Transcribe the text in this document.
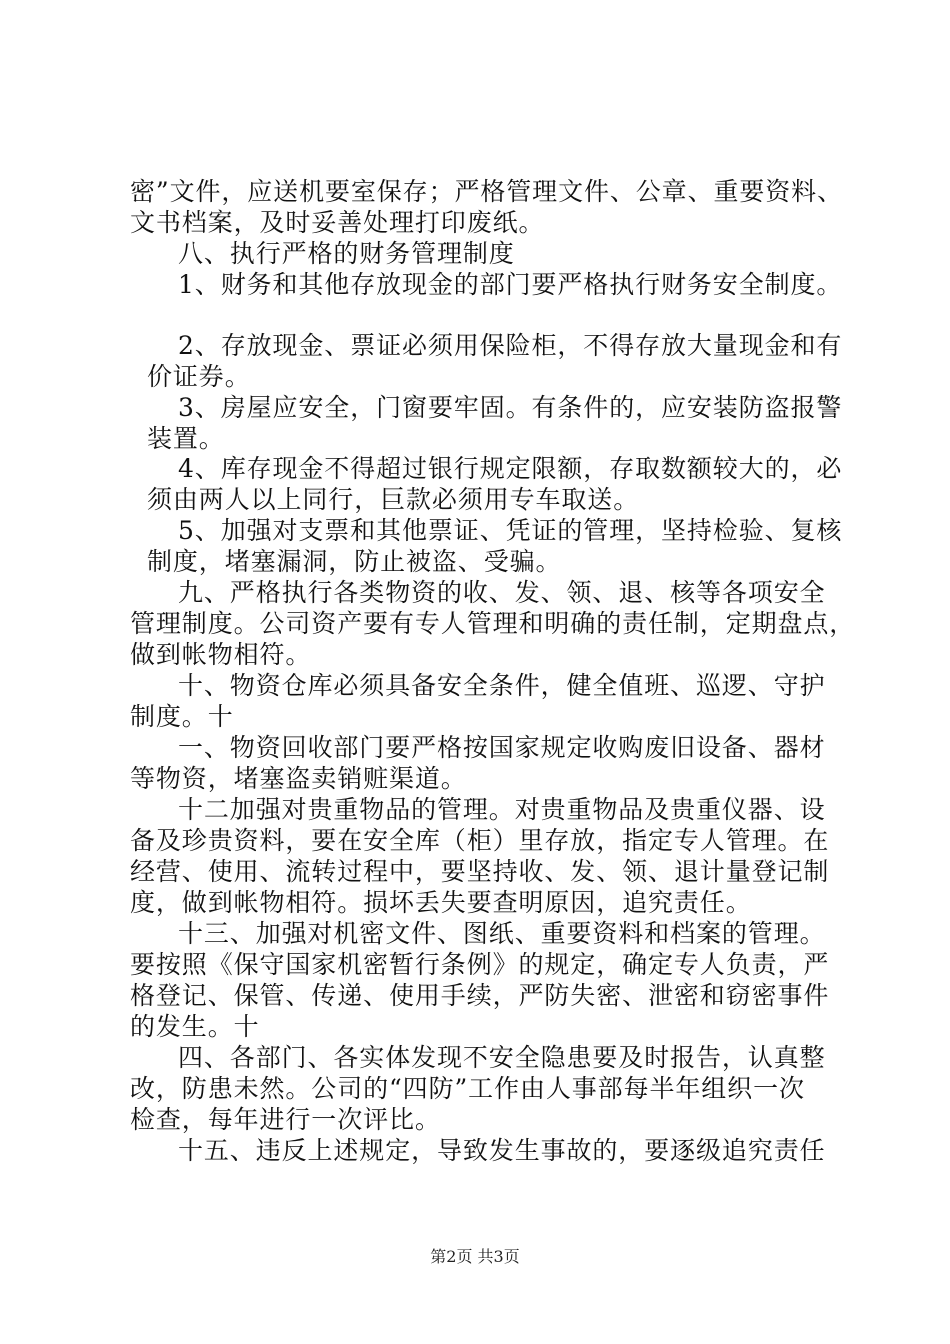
密”文件，应送机要室保存；严格管理文件、公章、重要资料、
文书档案，及时妥善处理打印废纸。
八、执行严格的财务管理制度
1、财务和其他存放现金的部门要严格执行财务安全制度。
2、存放现金、票证必须用保险柜，不得存放大量现金和有
价证券。
3、房屋应安全，门窗要牢固。有条件的，应安装防盗报警
装置。
4、库存现金不得超过银行规定限额，存取数额较大的，必
须由两人以上同行，巨款必须用专车取送。
5、加强对支票和其他票证、凭证的管理，坚持检验、复核
制度，堵塞漏洞，防止被盗、受骗。
九、严格执行各类物资的收、发、领、退、核等各项安全
管理制度。公司资产要有专人管理和明确的责任制，定期盘点，
做到帐物相符。
十、物资仓库必须具备安全条件，健全值班、巡逻、守护
制度。十
一、物资回收部门要严格按国家规定收购废旧设备、器材
等物资，堵塞盗卖销赃渠道。
十二加强对贵重物品的管理。对贵重物品及贵重仪器、设
备及珍贵资料，要在安全库（柜）里存放，指定专人管理。在
经营、使用、流转过程中，要坚持收、发、领、退计量登记制
度，做到帐物相符。损坏丢失要查明原因，追究责任。
十三、加强对机密文件、图纸、重要资料和档案的管理。
要按照《保守国家机密暂行条例》的规定，确定专人负责，严
格登记、保管、传递、使用手续，严防失密、泄密和窃密事件
的发生。十
四、各部门、各实体发现不安全隐患要及时报告，认真整
改，防患未然。公司的“四防”工作由人事部每半年组织一次
检查，每年进行一次评比。
十五、违反上述规定，导致发生事故的，要逐级追究责任
第2页 共3页
